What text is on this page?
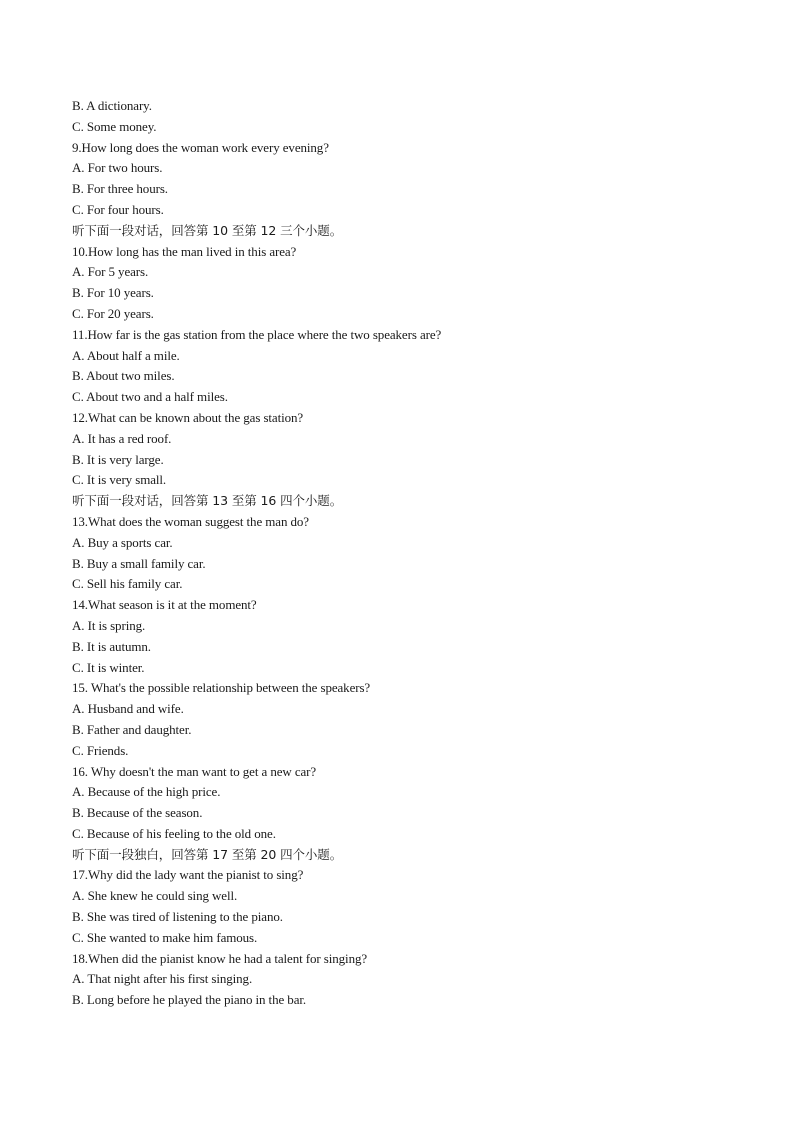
B. A dictionary.
C. Some money.
9.How long does the woman work every evening?
A. For two hours.
B. For three hours.
C. For four hours.
听下面一段对话，回答第 10 至第 12 三个小题。
10.How long has the man lived in this area?
A. For 5 years.
B. For 10 years.
C. For 20 years.
11.How far is the gas station from the place where the two speakers are?
A. About half a mile.
B. About two miles.
C. About two and a half miles.
12.What can be known about the gas station?
A. It has a red roof.
B. It is very large.
C. It is very small.
听下面一段对话，回答第 13 至第 16 四个小题。
13.What does the woman suggest the man do?
A. Buy a sports car.
B. Buy a small family car.
C. Sell his family car.
14.What season is it at the moment?
A. It is spring.
B. It is autumn.
C. It is winter.
15. What's the possible relationship between the speakers?
A. Husband and wife.
B. Father and daughter.
C. Friends.
16. Why doesn't the man want to get a new car?
A. Because of the high price.
B. Because of the season.
C. Because of his feeling to the old one.
听下面一段独白，回答第 17 至第 20 四个小题。
17.Why did the lady want the pianist to sing?
A. She knew he could sing well.
B. She was tired of listening to the piano.
C. She wanted to make him famous.
18.When did the pianist know he had a talent for singing?
A. That night after his first singing.
B. Long before he played the piano in the bar.
